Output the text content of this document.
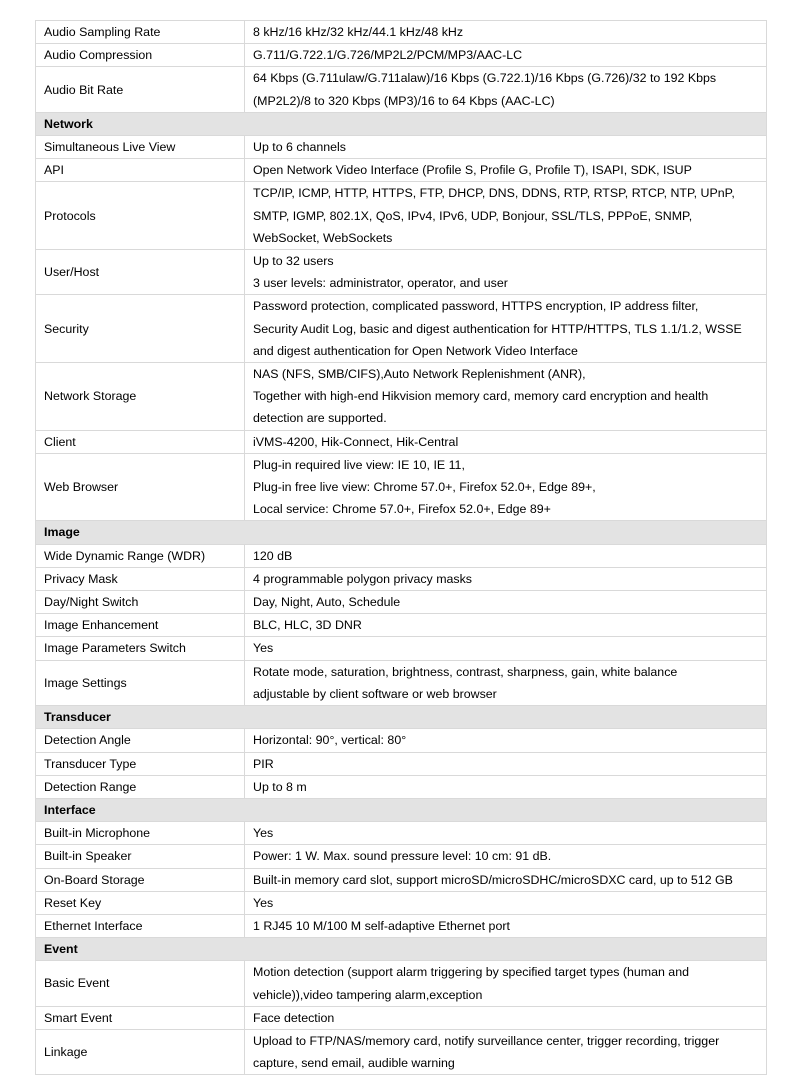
Audio Sampling Rate	8 kHz/16 kHz/32 kHz/44.1 kHz/48 kHz

Audio Compression	G.711/G.722.1/G.726/MP2L2/PCM/MP3/AAC-LC

Audio Bit Rate	64 Kbps (G.711ulaw/G.711alaw)/16 Kbps (G.722.1)/16 Kbps (G.726)/32 to 192 Kbps
(MP2L2)/8 to 320 Kbps (MP3)/16 to 64 Kbps (AAC-LC)

Network	
Simultaneous Live View	Up to 6 channels

API	Open Network Video Interface (Profile S, Profile G, Profile T), ISAPI, SDK, ISUP

Protocols	TCP/IP, ICMP, HTTP, HTTPS, FTP, DHCP, DNS, DDNS, RTP, RTSP, RTCP, NTP, UPnP,
SMTP, IGMP, 802.1X, QoS, IPv4, IPv6, UDP, Bonjour, SSL/TLS, PPPoE, SNMP,
WebSocket, WebSockets

User/Host	Up to 32 users
3 user levels: administrator, operator, and user

Security	Password protection, complicated password, HTTPS encryption, IP address filter,
Security Audit Log, basic and digest authentication for HTTP/HTTPS, TLS 1.1/1.2, WSSE
and digest authentication for Open Network Video Interface

Network Storage	NAS (NFS, SMB/CIFS),Auto Network Replenishment (ANR),
Together with high-end Hikvision memory card, memory card encryption and health
detection are supported.

Client	iVMS-4200, Hik-Connect, Hik-Central

Web Browser	Plug-in required live view: IE 10, IE 11,
Plug-in free live view: Chrome 57.0+, Firefox 52.0+, Edge 89+,
Local service: Chrome 57.0+, Firefox 52.0+, Edge 89+

Image	
Wide Dynamic Range (WDR)	120 dB

Privacy Mask	4 programmable polygon privacy masks

Day/Night Switch	Day, Night, Auto, Schedule

Image Enhancement	BLC, HLC, 3D DNR

Image Parameters Switch	Yes

Image Settings	Rotate mode, saturation, brightness, contrast, sharpness, gain, white balance
adjustable by client software or web browser

Transducer	
Detection Angle	Horizontal: 90°, vertical: 80°

Transducer Type	PIR

Detection Range	Up to 8 m

Interface	
Built-in Microphone	Yes

Built-in Speaker	Power: 1 W. Max. sound pressure level: 10 cm: 91 dB.

On-Board Storage	Built-in memory card slot, support microSD/microSDHC/microSDXC card, up to 512 GB

Reset Key	Yes

Ethernet Interface	1 RJ45 10 M/100 M self-adaptive Ethernet port

Event	
Basic Event	Motion detection (support alarm triggering by specified target types (human and
vehicle)),video tampering alarm,exception

Smart Event	Face detection

Linkage	Upload to FTP/NAS/memory card, notify surveillance center, trigger recording, trigger
capture, send email, audible warning
